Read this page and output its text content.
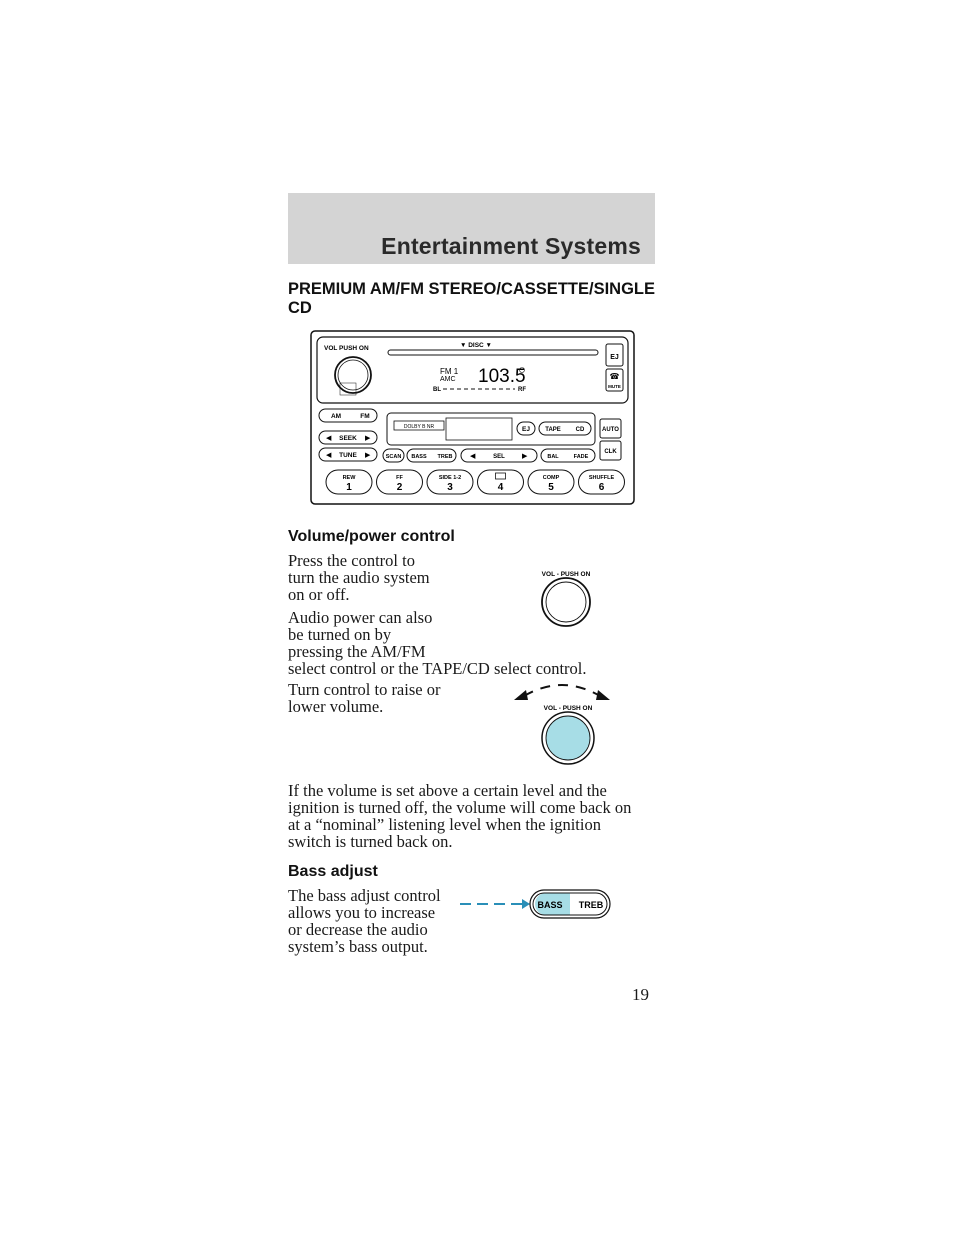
Entertainment Systems
PREMIUM AM/FM STEREO/CASSETTE/SINGLE CD
VOL PUSH ON	▼ DISC ▼
EJ
☎
MUTE
FM 1
AMC 103.5
BL	RF
AM	FM
◀ SEEK ▶
◀ TUNE ▶
DOLBY B NR	EJ	TAPE CD	AUTO
CLK
SCAN BASS TREB	◀	SEL ▶	BAL	FADE
REW
1
FF
2
SIDE 1-2
3	4
COMP
5
SHUFFLE
6
Volume/power control
Press the control to
turn the audio system
on or off.
Audio power can also
be turned on by
pressing the AM/FM
select control or the TAPE/CD select control.
Turn control to raise or
lower volume.
VOL - PUSH ON
VOL - PUSH ON
If the volume is set above a certain level and the
ignition is turned off, the volume will come back on
at a “nominal” listening level when the ignition
switch is turned back on.
Bass adjust
The bass adjust control
allows you to increase
or decrease the audio
system’s bass output.
BASS TREB
19
